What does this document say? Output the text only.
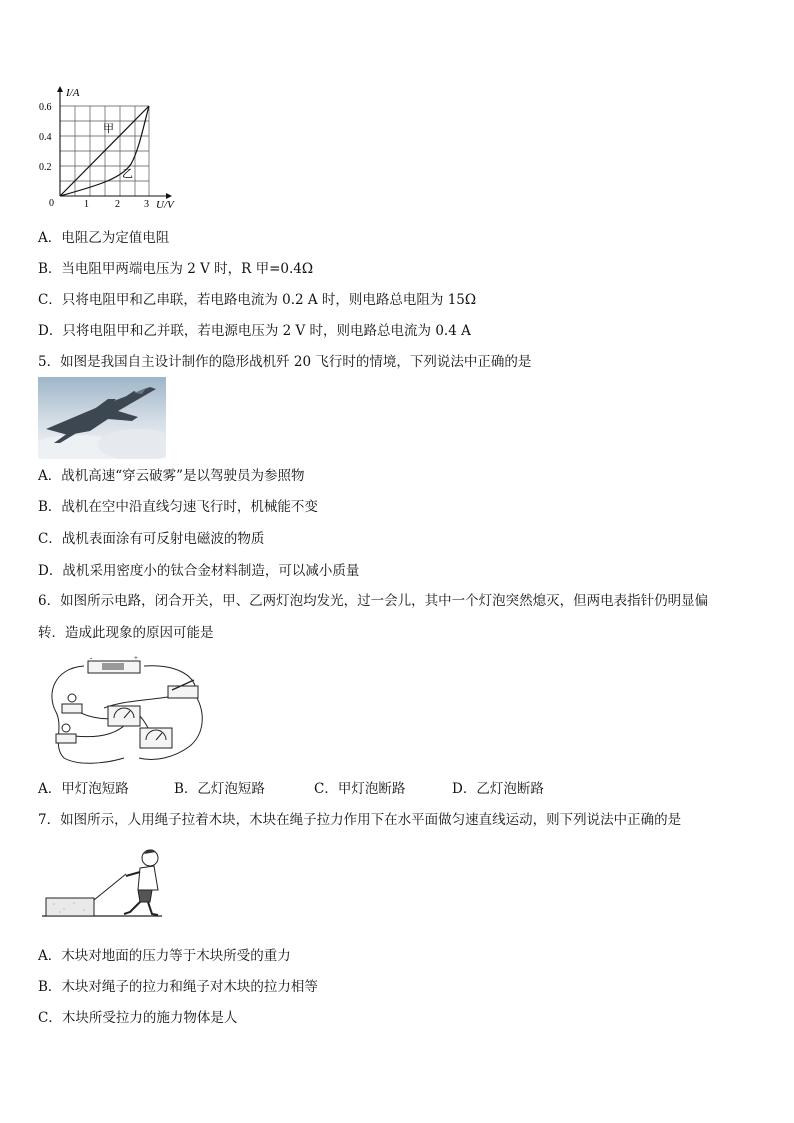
I/A
U/V
0
0.2
0.4
0.6
1	2 3
甲
乙
A．电阻乙为定值电阻
B．当电阻甲两端电压为 2 V 时，R 甲=0.4Ω
C．只将电阻甲和乙串联，若电路电流为 0.2 A 时，则电路总电阻为 15Ω
D．只将电阻甲和乙并联，若电源电压为 2 V 时，则电路总电流为 0.4 A
5．如图是我国自主设计制作的隐形战机歼 20 飞行时的情境，下列说法中正确的是
A．战机高速“穿云破雾”是以驾驶员为参照物
B．战机在空中沿直线匀速飞行时，机械能不变
C．战机表面涂有可反射电磁波的物质
D．战机采用密度小的钛合金材料制造，可以减小质量
6．如图所示电路，闭合开关，甲、乙两灯泡均发光，过一会儿，其中一个灯泡突然熄灭，但两电表指针仍明显偏
转．造成此现象的原因可能是
-	+
A．甲灯泡短路	B．乙灯泡短路	C．甲灯泡断路	D．乙灯泡断路
7．如图所示，人用绳子拉着木块，木块在绳子拉力作用下在水平面做匀速直线运动，则下列说法中正确的是
A．木块对地面的压力等于木块所受的重力
B．木块对绳子的拉力和绳子对木块的拉力相等
C．木块所受拉力的施力物体是人
